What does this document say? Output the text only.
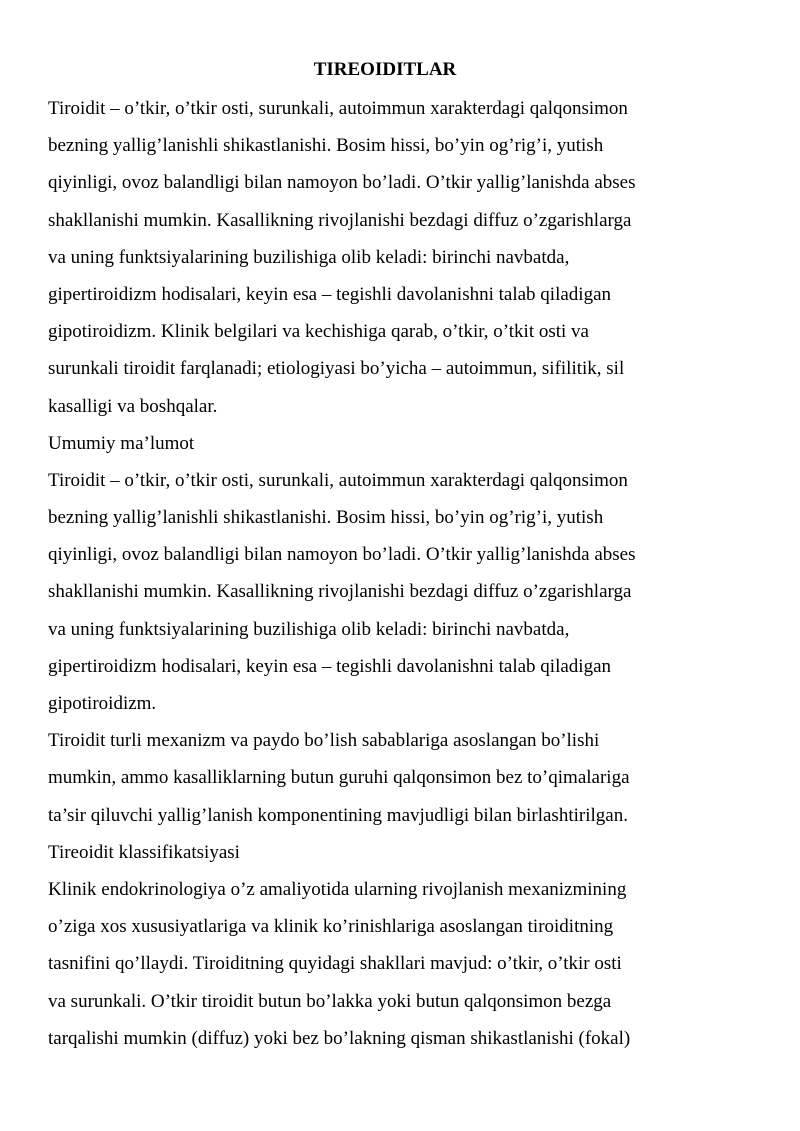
TIREOIDITLAR
Tiroidit – o’tkir, o’tkir osti, surunkali, autoimmun xarakterdagi qalqonsimon
bezning yallig’lanishli shikastlanishi. Bosim hissi, bo’yin og’rig’i, yutish
qiyinligi, ovoz balandligi bilan namoyon bo’ladi. O’tkir yallig’lanishda abses
shakllanishi mumkin. Kasallikning rivojlanishi bezdagi diffuz o’zgarishlarga
va uning funktsiyalarining buzilishiga olib keladi: birinchi navbatda,
gipertiroidizm hodisalari, keyin esa – tegishli davolanishni talab qiladigan
gipotiroidizm. Klinik belgilari va kechishiga qarab, o’tkir, o’tkit osti va
surunkali tiroidit farqlanadi; etiologiyasi bo’yicha – autoimmun, sifilitik, sil
kasalligi va boshqalar.
Umumiy ma’lumot
Tiroidit – o’tkir, o’tkir osti, surunkali, autoimmun xarakterdagi qalqonsimon
bezning yallig’lanishli shikastlanishi. Bosim hissi, bo’yin og’rig’i, yutish
qiyinligi, ovoz balandligi bilan namoyon bo’ladi. O’tkir yallig’lanishda abses
shakllanishi mumkin. Kasallikning rivojlanishi bezdagi diffuz o’zgarishlarga
va uning funktsiyalarining buzilishiga olib keladi: birinchi navbatda,
gipertiroidizm hodisalari, keyin esa – tegishli davolanishni talab qiladigan
gipotiroidizm.
Tiroidit turli mexanizm va paydo bo’lish sabablariga asoslangan bo’lishi
mumkin, ammo kasalliklarning butun guruhi qalqonsimon bez to’qimalariga
ta’sir qiluvchi yallig’lanish komponentining mavjudligi bilan birlashtirilgan.
Tireoidit klassifikatsiyasi
Klinik endokrinologiya o’z amaliyotida ularning rivojlanish mexanizmining
o’ziga xos xususiyatlariga va klinik ko’rinishlariga asoslangan tiroiditning
tasnifini qo’llaydi. Tiroiditning quyidagi shakllari mavjud: o’tkir, o’tkir osti
va surunkali. O’tkir tiroidit butun bo’lakka yoki butun qalqonsimon bezga
tarqalishi mumkin (diffuz) yoki bez bo’lakning qisman shikastlanishi (fokal)
